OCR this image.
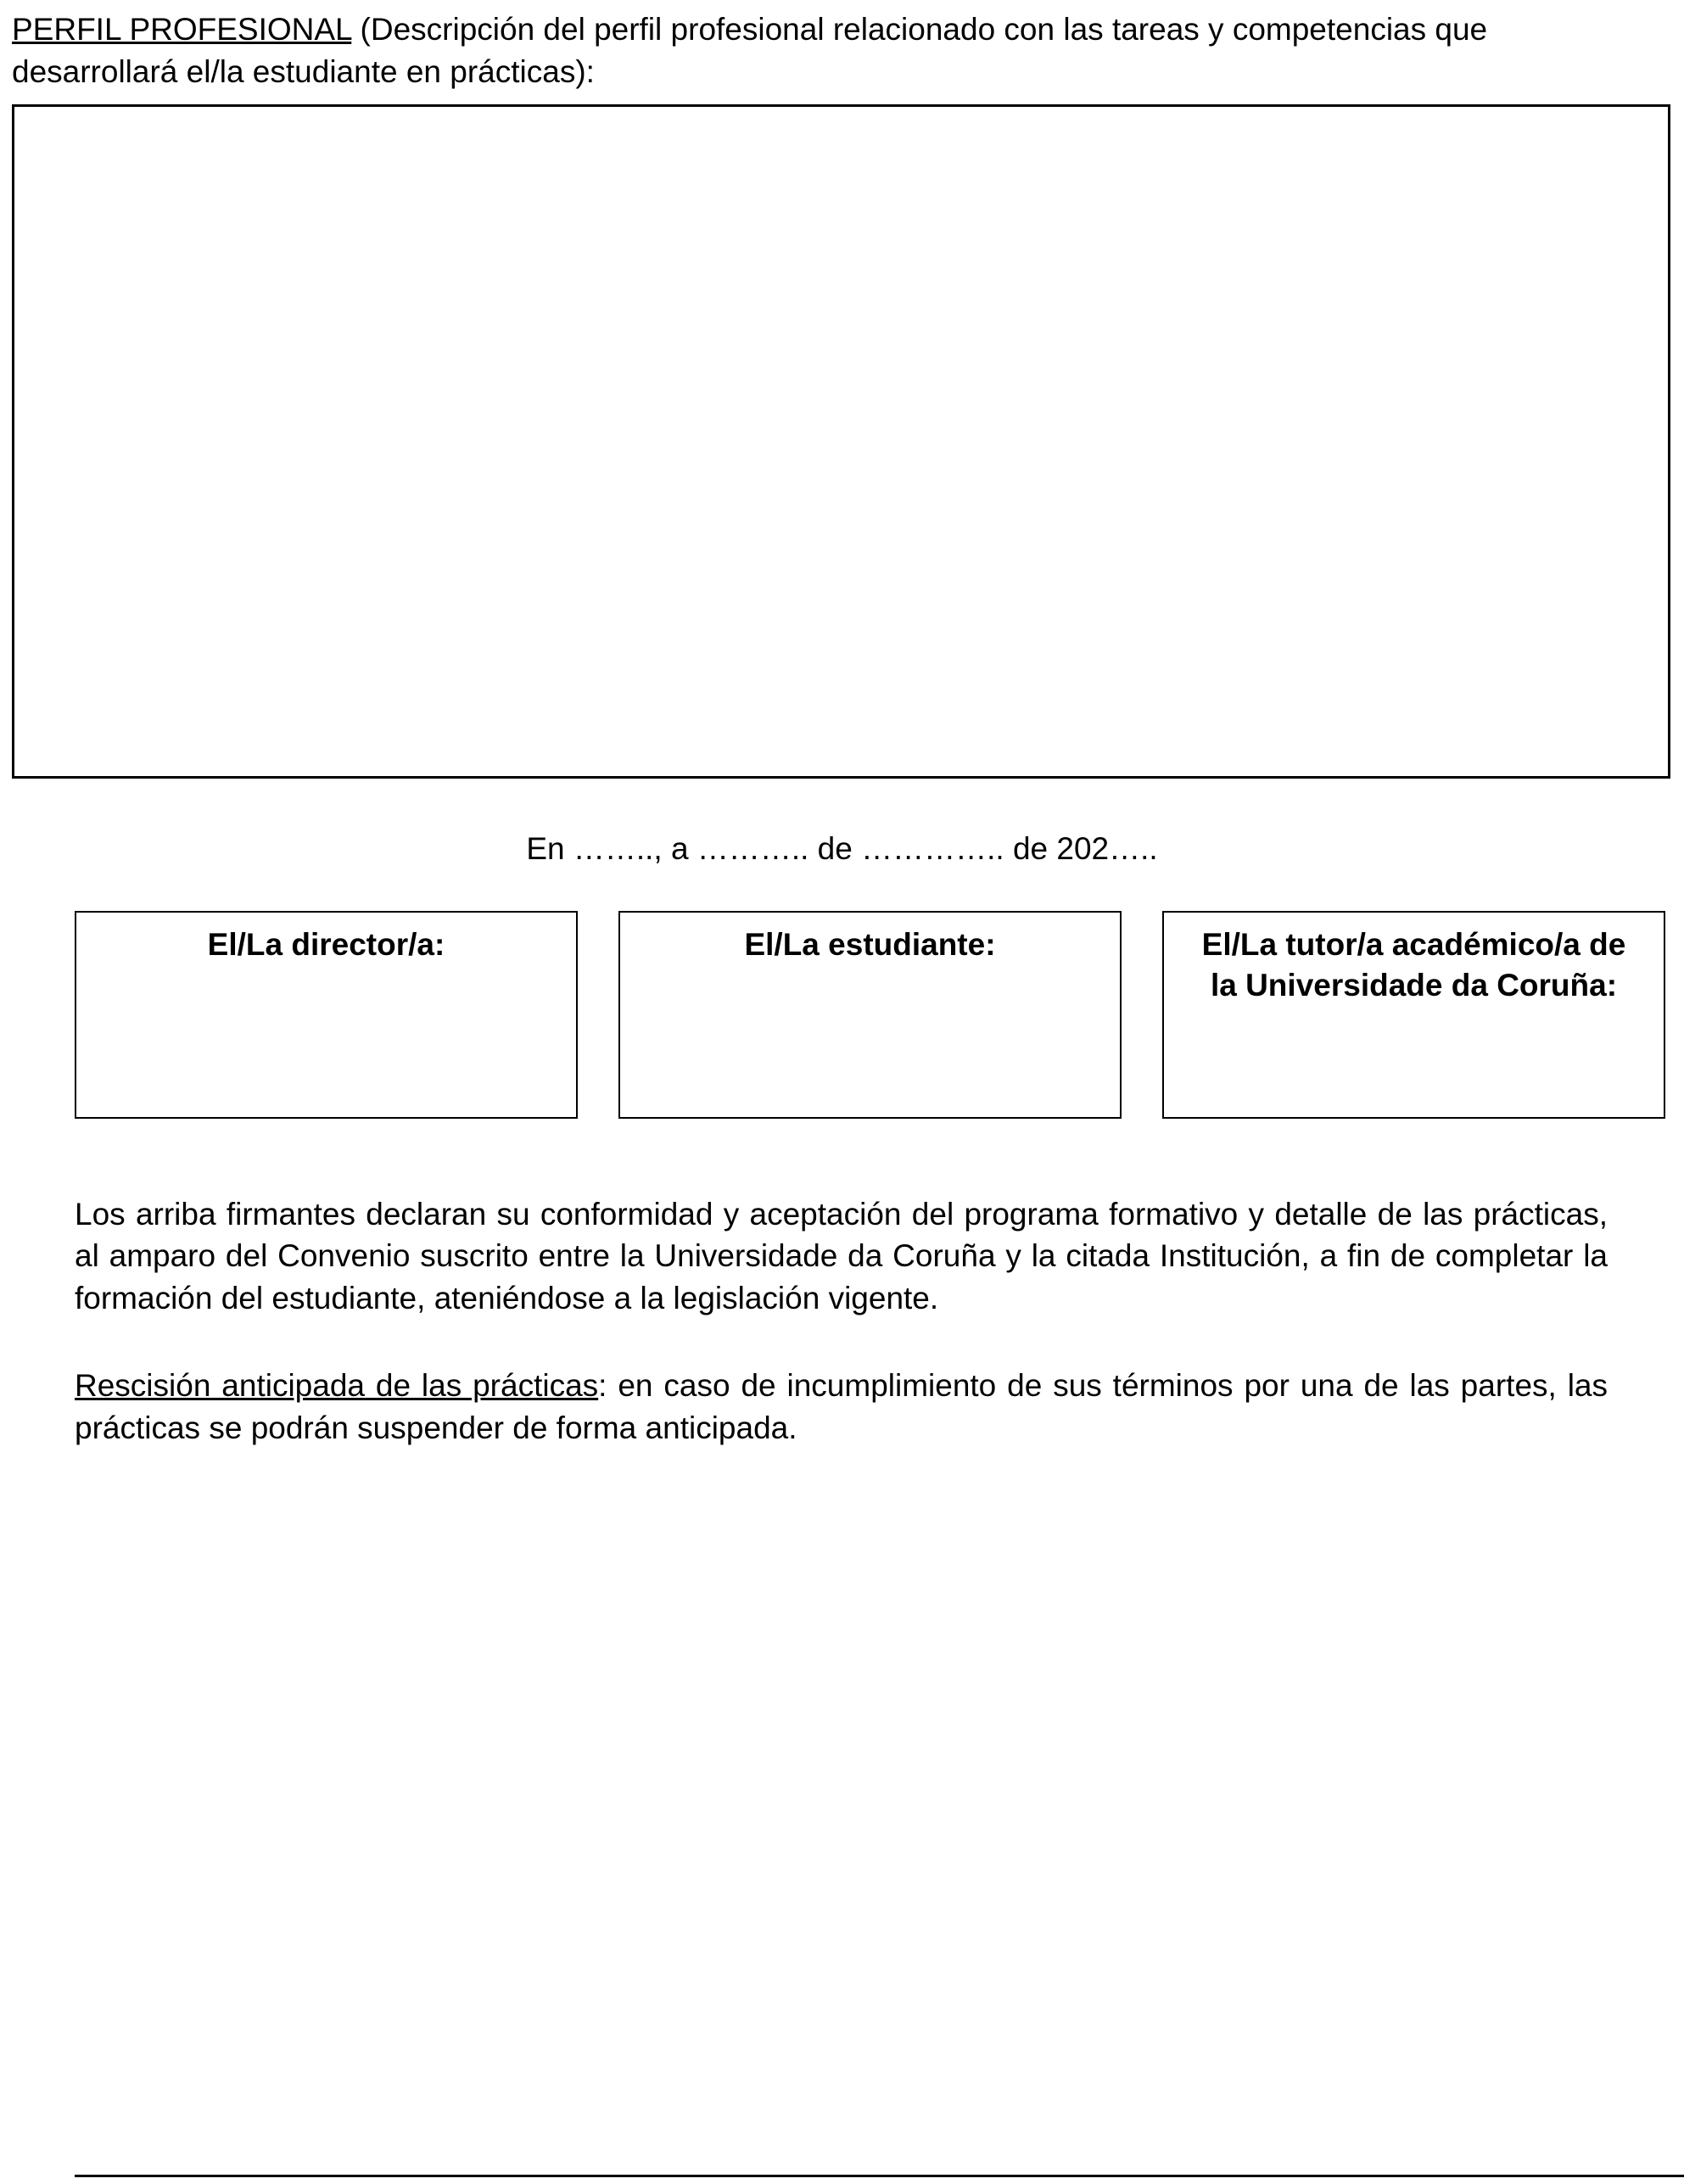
PERFIL PROFESIONAL (Descripción del perfil profesional relacionado con las tareas y competencias que desarrollará el/la estudiante en prácticas):

En …….., a ……….. de ………….. de 202…..

El/La director/a:	El/La estudiante:	El/La tutor/a académico/a de la Universidade da Coruña:

Los arriba firmantes declaran su conformidad y aceptación del programa formativo y detalle de las prácticas, al amparo del Convenio suscrito entre la Universidade da Coruña y la citada Institución, a fin de completar la formación del estudiante, ateniéndose a la legislación vigente.

Rescisión anticipada de las prácticas: en caso de incumplimiento de sus términos por una de las partes, las prácticas se podrán suspender de forma anticipada.
